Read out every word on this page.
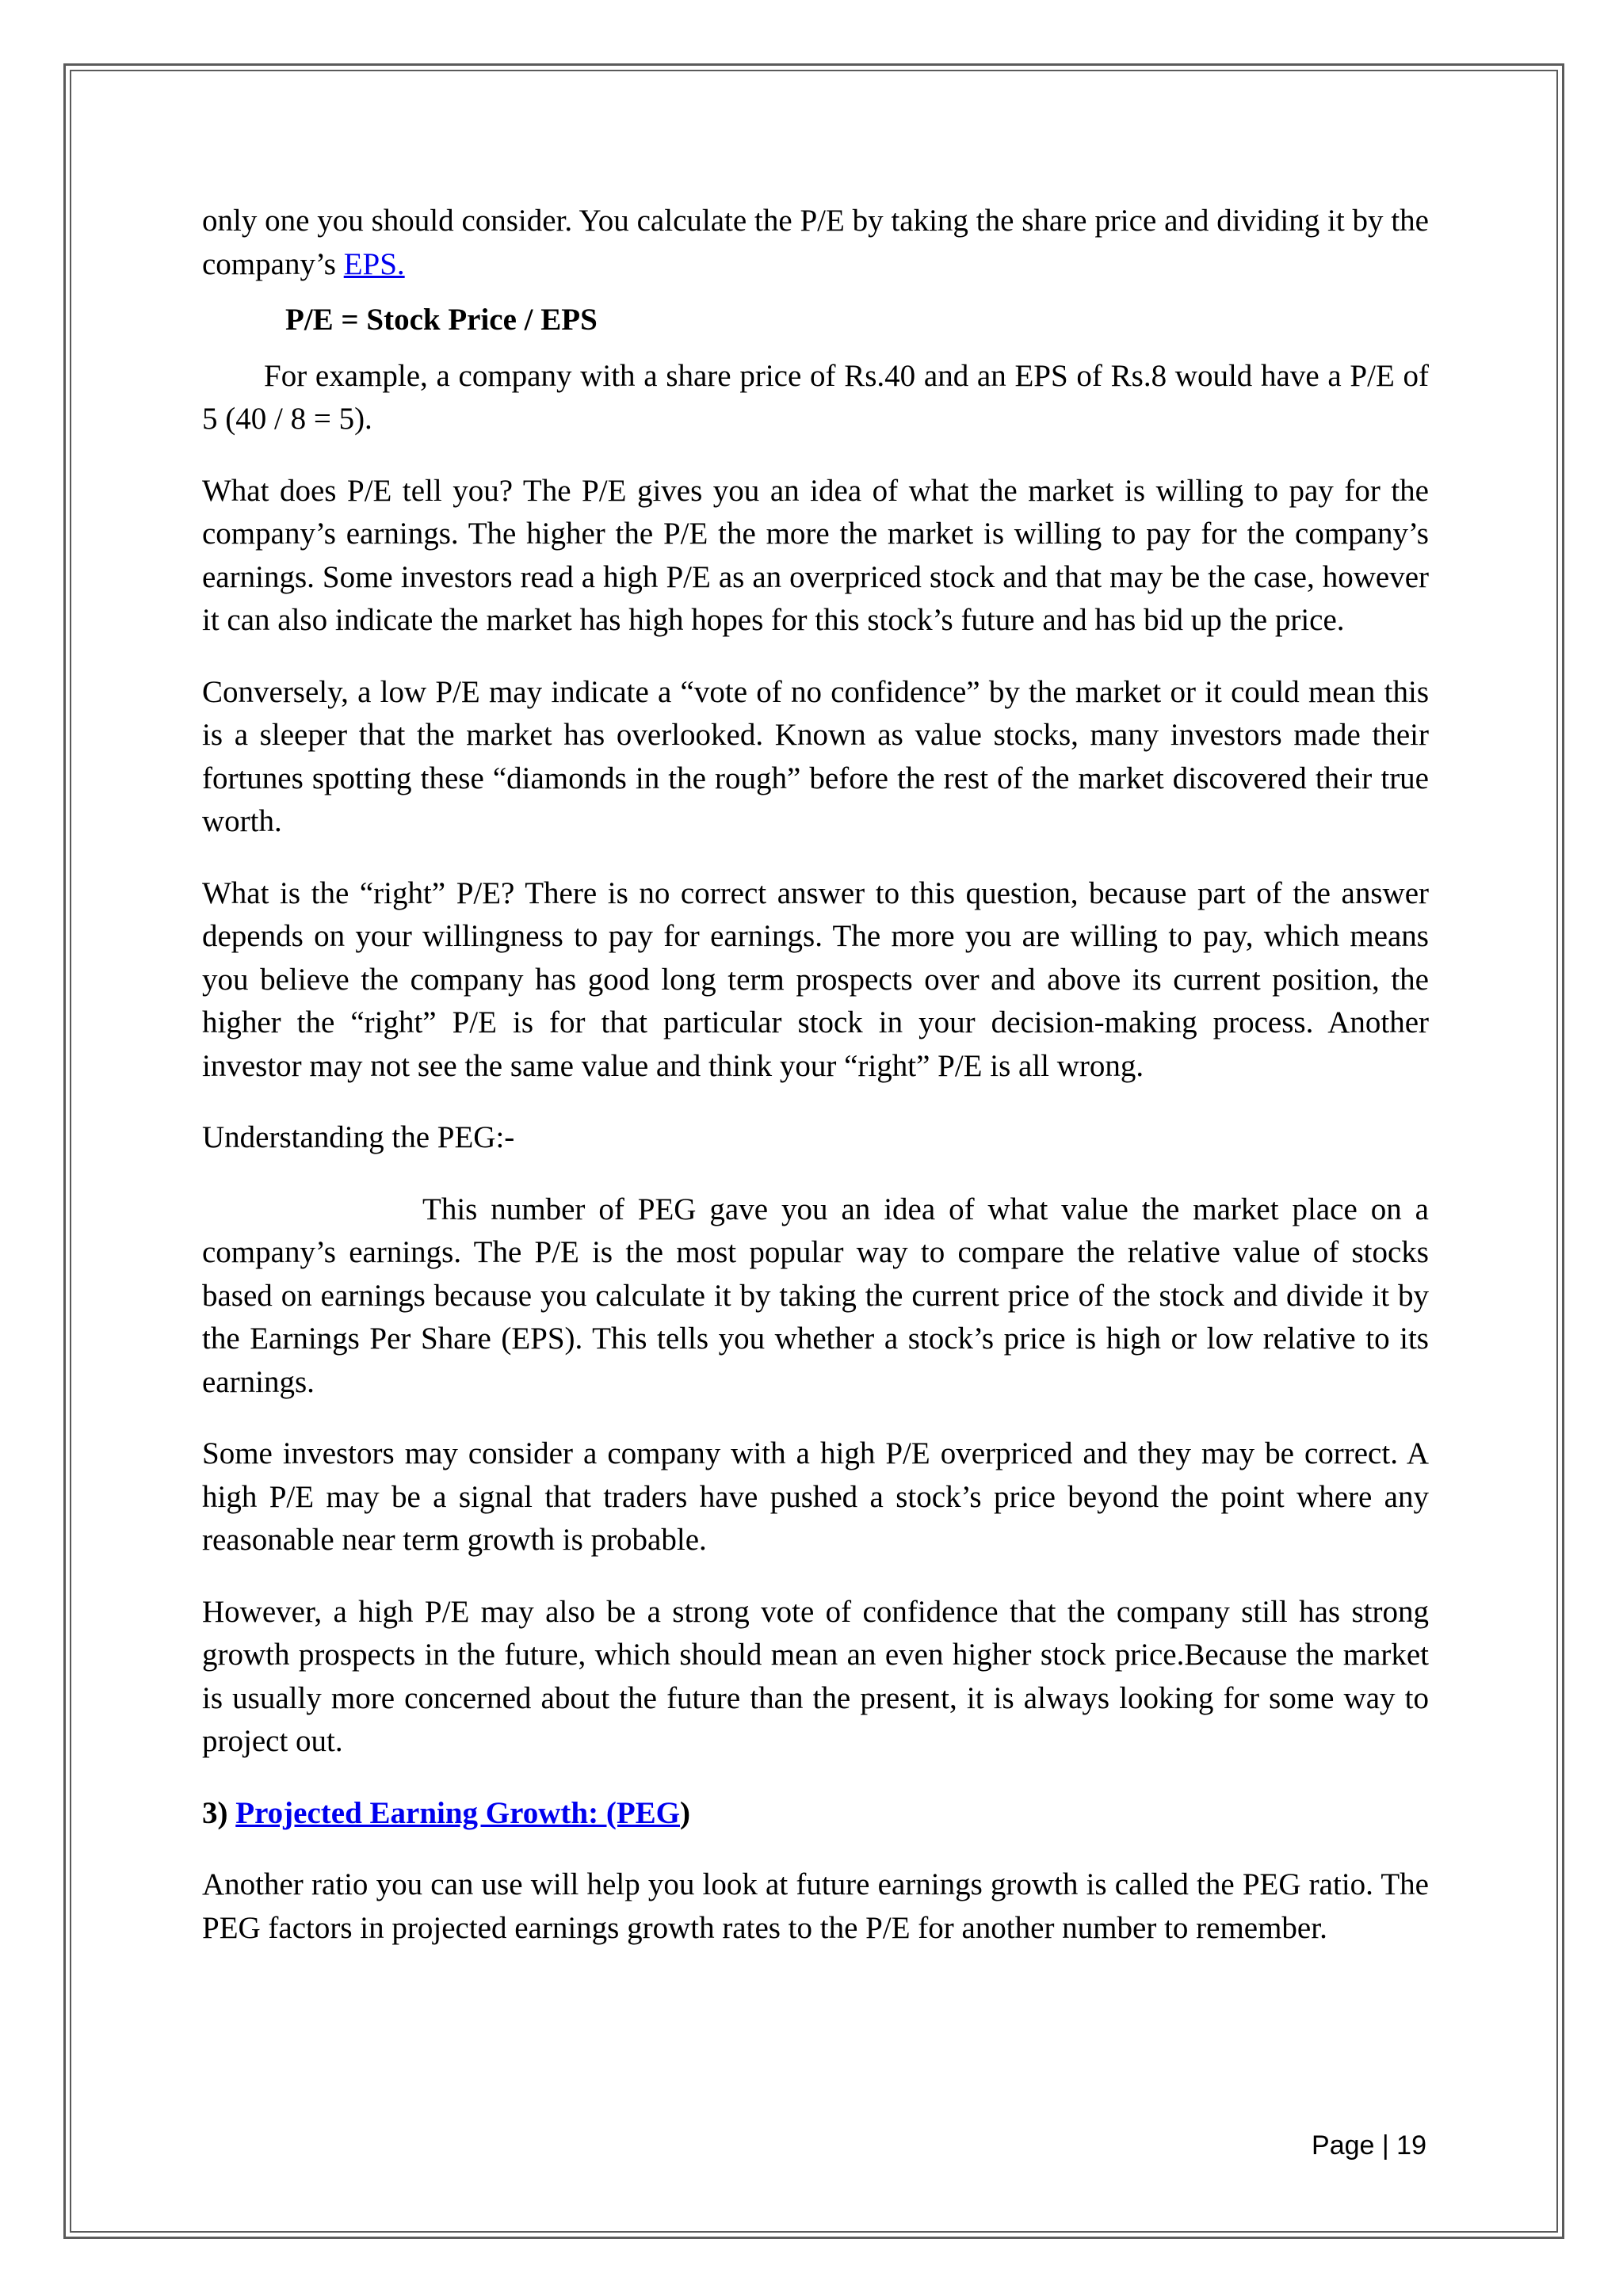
only one you should consider. You calculate the P/E by taking the share price and dividing it by the company’s EPS.

P/E = Stock Price / EPS

For example, a company with a share price of Rs.40 and an EPS of Rs.8 would have a P/E of 5 (40 / 8 = 5).

What does P/E tell you? The P/E gives you an idea of what the market is willing to pay for the company’s earnings. The higher the P/E the more the market is willing to pay for the company’s earnings. Some investors read a high P/E as an overpriced stock and that may be the case, however it can also indicate the market has high hopes for this stock’s future and has bid up the price.

Conversely, a low P/E may indicate a “vote of no confidence” by the market or it could mean this is a sleeper that the market has overlooked. Known as value stocks, many investors made their fortunes spotting these “diamonds in the rough” before the rest of the market discovered their true worth.

What is the “right” P/E? There is no correct answer to this question, because part of the answer depends on your willingness to pay for earnings. The more you are willing to pay, which means you believe the company has good long term prospects over and above its current position, the higher the “right” P/E is for that particular stock in your decision-making process. Another investor may not see the same value and think your “right” P/E is all wrong.

Understanding the PEG:-

This number of PEG gave you an idea of what value the market place on a company’s earnings. The P/E is the most popular way to compare the relative value of stocks based on earnings because you calculate it by taking the current price of the stock and divide it by the Earnings Per Share (EPS). This tells you whether a stock’s price is high or low relative to its earnings.

Some investors may consider a company with a high P/E overpriced and they may be correct. A high P/E may be a signal that traders have pushed a stock’s price beyond the point where any reasonable near term growth is probable.

However, a high P/E may also be a strong vote of confidence that the company still has strong growth prospects in the future, which should mean an even higher stock price.Because the market is usually more concerned about the future than the present, it is always looking for some way to project out.

3) Projected Earning Growth: (PEG)

Another ratio you can use will help you look at future earnings growth is called the PEG ratio. The PEG factors in projected earnings growth rates to the P/E for another number to remember.

Page | 19
